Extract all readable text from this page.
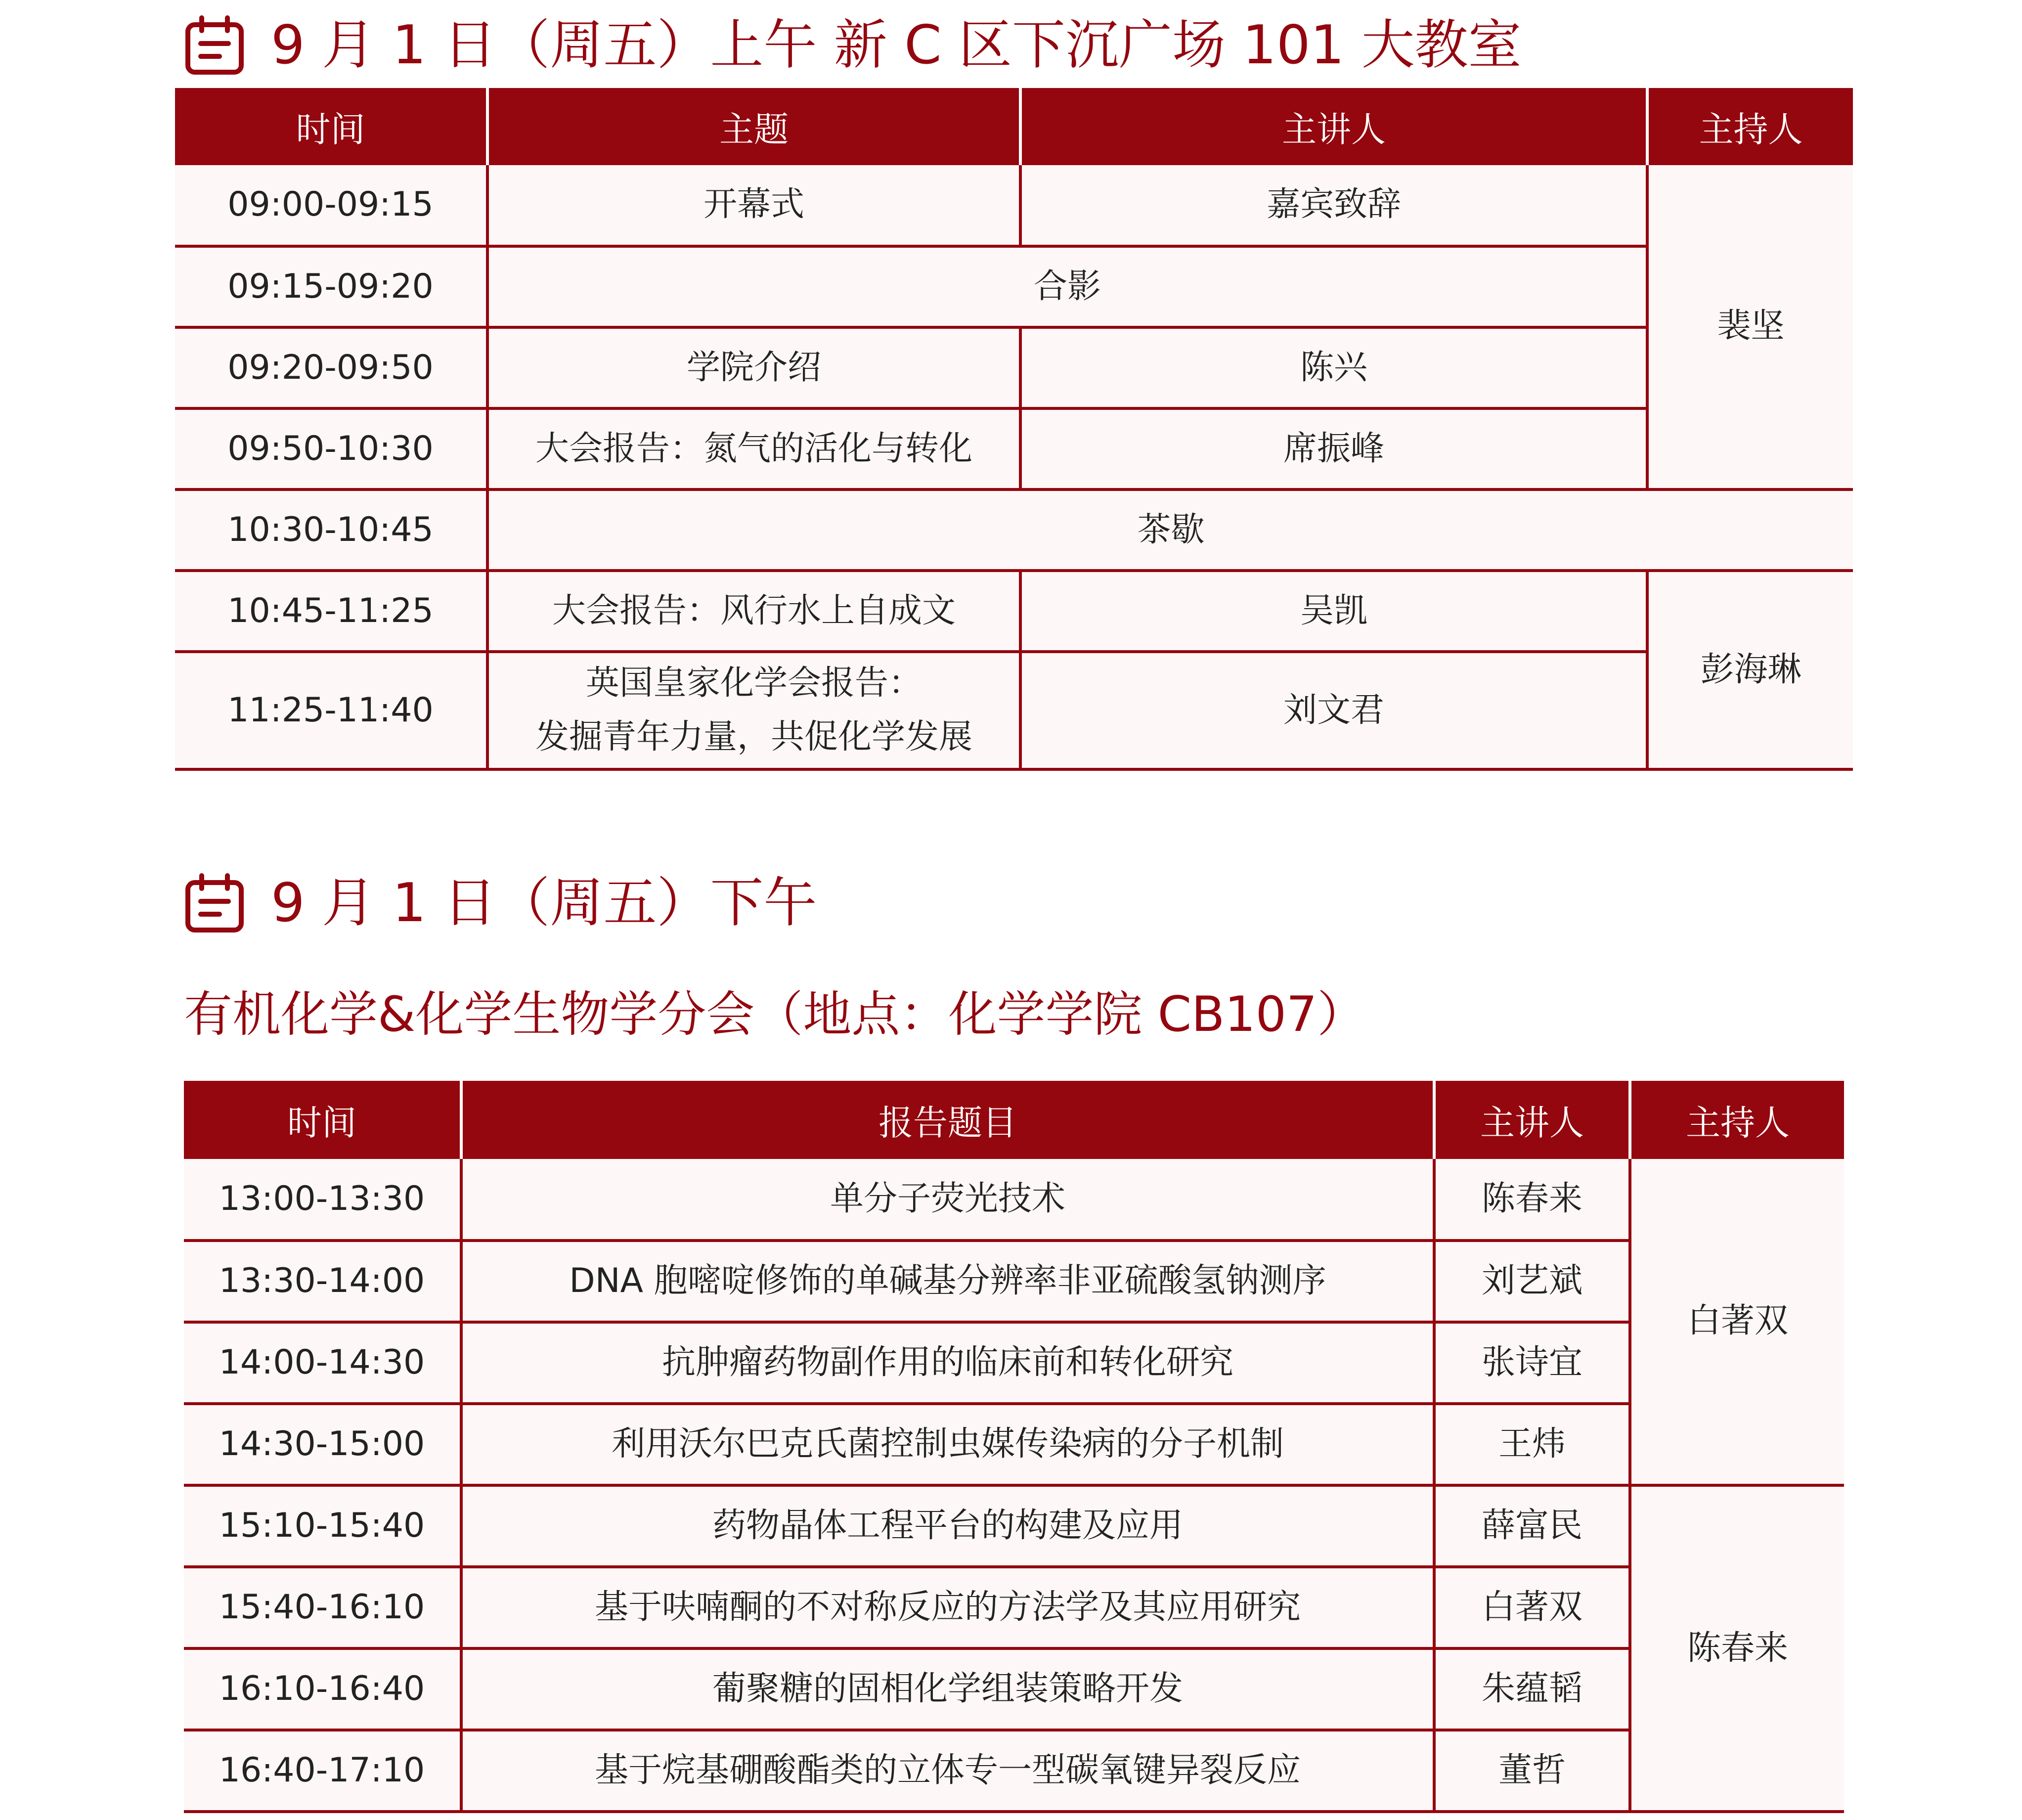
9 月 1 日（周五）上午 新 C 区下沉广场 101 大教室
时间	主题	主讲人	主持人
09:00-09:15	开幕式	嘉宾致辞	裴坚
09:15-09:20	合影		
09:20-09:50	学院介绍	陈兴	
09:50-10:30	大会报告：氮气的活化与转化	席振峰	
10:30-10:45	茶歇		
10:45-11:25	大会报告：风行水上自成文	吴凯	彭海琳
11:25-11:40	英国皇家化学会报告：
发掘青年力量，共促化学发展	刘文君	
9 月 1 日（周五）下午
有机化学&化学生物学分会（地点：化学学院 CB107）
时间	报告题目	主讲人	主持人
13:00-13:30	单分子荧光技术	陈春来	白著双
13:30-14:00	DNA 胞嘧啶修饰的单碱基分辨率非亚硫酸氢钠测序	刘艺斌	
14:00-14:30	抗肿瘤药物副作用的临床前和转化研究	张诗宜	
14:30-15:00	利用沃尔巴克氏菌控制虫媒传染病的分子机制	王炜	
15:10-15:40	药物晶体工程平台的构建及应用	薛富民	陈春来
15:40-16:10	基于呋喃酮的不对称反应的方法学及其应用研究	白著双	
16:10-16:40	葡聚糖的固相化学组装策略开发	朱蕴韬	
16:40-17:10	基于烷基硼酸酯类的立体专一型碳氧键异裂反应	董哲	
